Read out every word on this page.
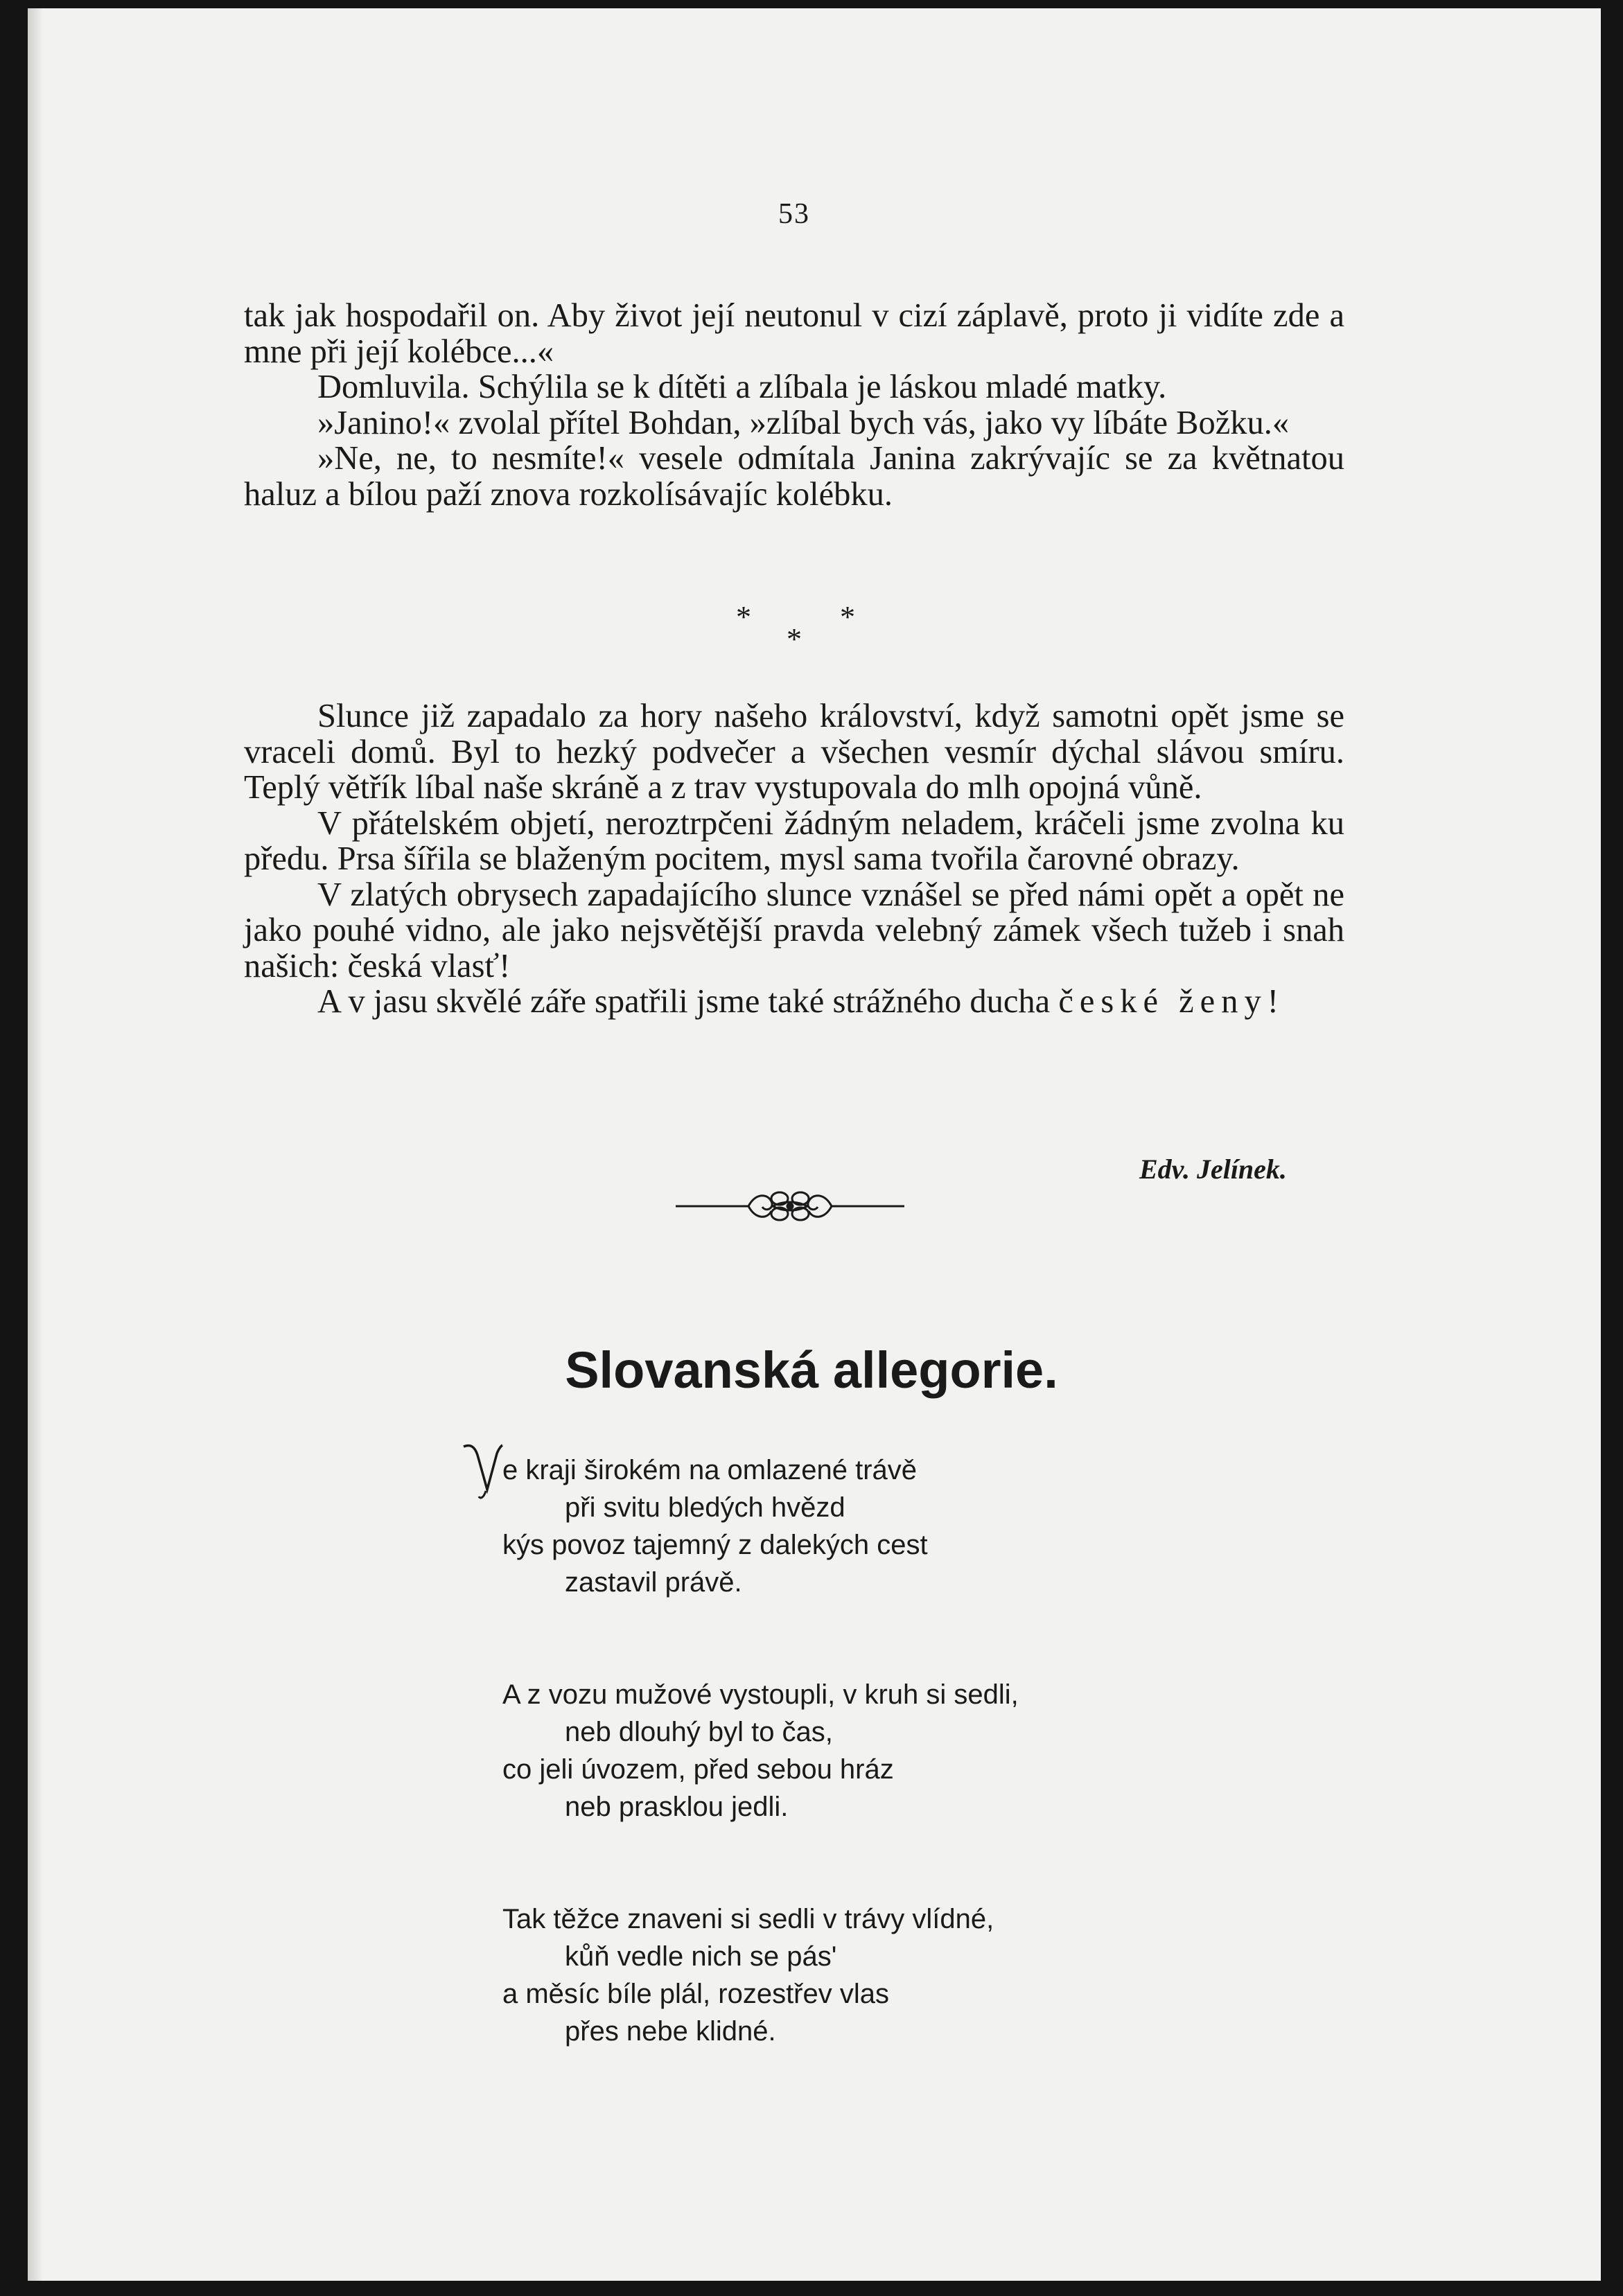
53

tak jak hospodařil on. Aby život její neutonul v cizí záplavě, proto ji vidíte zde a mne při její kolébce...«

Domluvila. Schýlila se k dítěti a zlíbala je láskou mladé matky.

»Janino!« zvolal přítel Bohdan, »zlíbal bych vás, jako vy líbáte Božku.«

»Ne, ne, to nesmíte!« vesele odmítala Janina zakrývajíc se za květnatou haluz a bílou paží znova rozkolísávajíc kolébku.

*
*
*

Slunce již zapadalo za hory našeho království, když samotni opět jsme se vraceli domů. Byl to hezký podvečer a všechen vesmír dýchal slávou smíru. Teplý větřík líbal naše skráně a z trav vystupovala do mlh opojná vůně.

V přátelském objetí, neroztrpčeni žádným neladem, kráčeli jsme zvolna ku předu. Prsa šířila se blaženým pocitem, mysl sama tvořila čarovné obrazy.

V zlatých obrysech zapadajícího slunce vznášel se před námi opět a opět ne jako pouhé vidno, ale jako nejsvětější pravda velebný zámek všech tužeb i snah našich: česká vlasť!

A v jasu skvělé záře spatřili jsme také strážného ducha české ženy!

Edv. Jelínek.
Slovanská allegorie.
V
e kraji širokém na omlazené trávě
při svitu bledých hvězd
kýs povoz tajemný z dalekých cest
zastavil právě.
A z vozu mužové vystoupli, v kruh si sedli,
neb dlouhý byl to čas,
co jeli úvozem, před sebou hráz
neb prasklou jedli.
Tak těžce znaveni si sedli v trávy vlídné,
kůň vedle nich se pás'
a měsíc bíle plál, rozestřev vlas
přes nebe klidné.
